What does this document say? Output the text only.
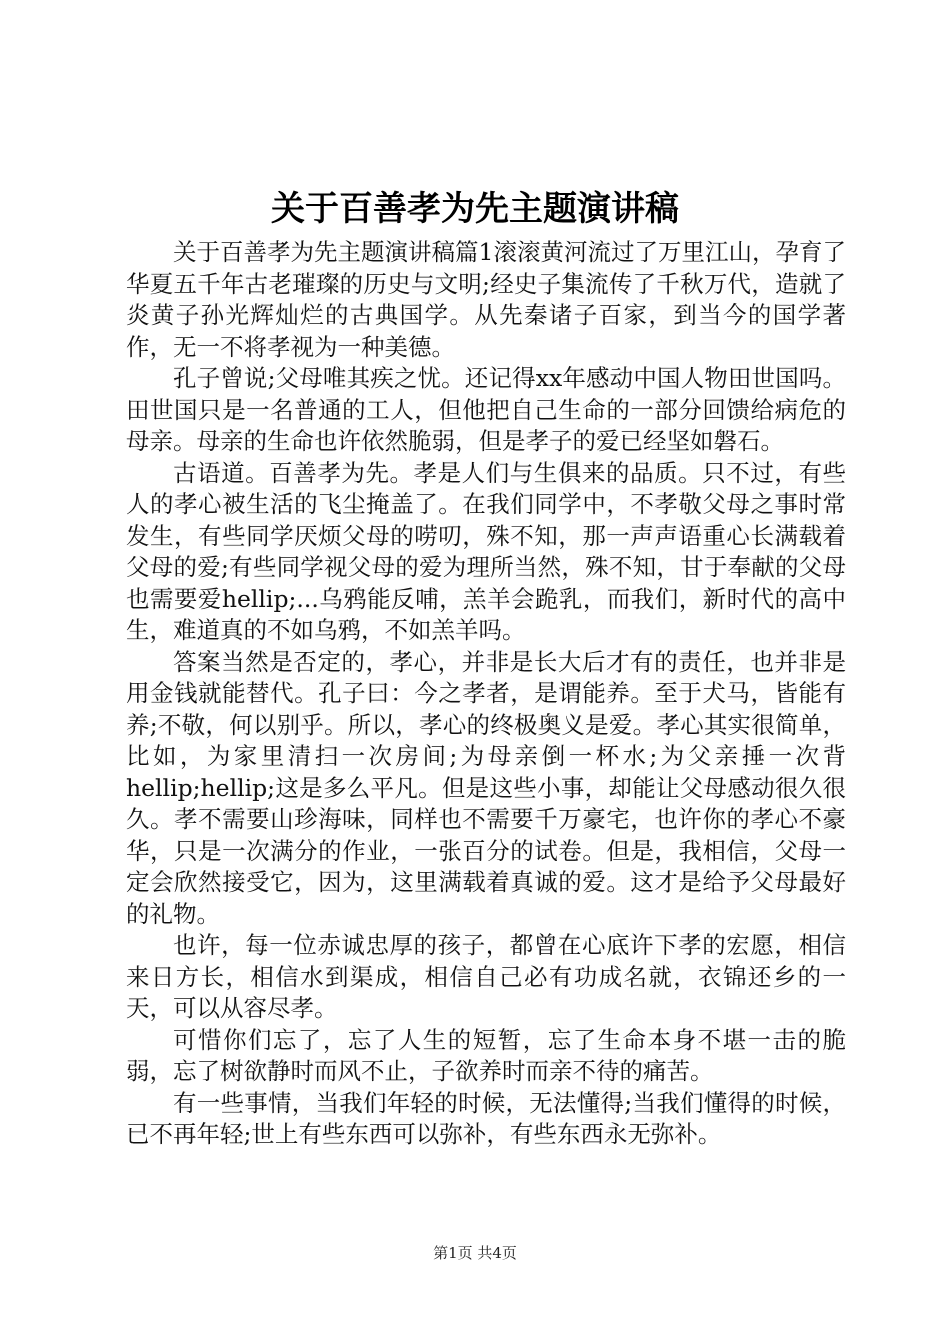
关于百善孝为先主题演讲稿

关于百善孝为先主题演讲稿篇1滚滚黄河流过了万里江山，孕育了华夏五千年古老璀璨的历史与文明;经史子集流传了千秋万代，造就了炎黄子孙光辉灿烂的古典国学。从先秦诸子百家，到当今的国学著作，无一不将孝视为一种美德。

孔子曾说;父母唯其疾之忧。还记得xx年感动中国人物田世国吗。田世国只是一名普通的工人，但他把自己生命的一部分回馈给病危的母亲。母亲的生命也许依然脆弱，但是孝子的爱已经坚如磐石。

古语道。百善孝为先。孝是人们与生俱来的品质。只不过，有些人的孝心被生活的飞尘掩盖了。在我们同学中，不孝敬父母之事时常发生，有些同学厌烦父母的唠叨，殊不知，那一声声语重心长满载着父母的爱;有些同学视父母的爱为理所当然，殊不知，甘于奉献的父母也需要爱hellip;...乌鸦能反哺，羔羊会跪乳，而我们，新时代的高中生，难道真的不如乌鸦，不如羔羊吗。

答案当然是否定的，孝心，并非是长大后才有的责任，也并非是用金钱就能替代。孔子曰：今之孝者，是谓能养。至于犬马，皆能有养;不敬，何以别乎。所以，孝心的终极奥义是爱。孝心其实很简单，比如，为家里清扫一次房间;为母亲倒一杯水;为父亲捶一次背hellip;hellip;这是多么平凡。但是这些小事，却能让父母感动很久很久。孝不需要山珍海味，同样也不需要千万豪宅，也许你的孝心不豪华，只是一次满分的作业，一张百分的试卷。但是，我相信，父母一定会欣然接受它，因为，这里满载着真诚的爱。这才是给予父母最好的礼物。

也许，每一位赤诚忠厚的孩子，都曾在心底许下孝的宏愿，相信来日方长，相信水到渠成，相信自己必有功成名就，衣锦还乡的一天，可以从容尽孝。

可惜你们忘了，忘了人生的短暂，忘了生命本身不堪一击的脆弱，忘了树欲静时而风不止，子欲养时而亲不待的痛苦。

有一些事情，当我们年轻的时候，无法懂得;当我们懂得的时候，已不再年轻;世上有些东西可以弥补，有些东西永无弥补。

第1页 共4页
